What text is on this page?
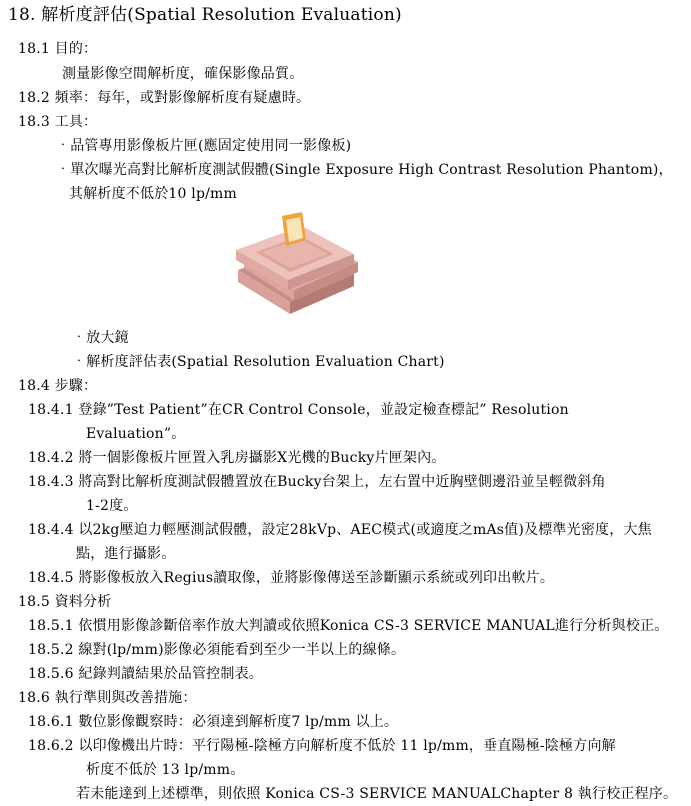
18. 解析度評估(Spatial Resolution Evaluation)
18.1 目的：
測量影像空間解析度，確保影像品質。
18.2 頻率：每年，或對影像解析度有疑慮時。
18.3 工具：
‧品管專用影像板片匣(應固定使用同一影像板)
‧單次曝光高對比解析度測試假體(Single Exposure High Contrast Resolution Phantom)，
其解析度不低於10 lp/mm
‧放大鏡
‧解析度評估表(Spatial Resolution Evaluation Chart)
18.4 步驟：
18.4.1 登錄”Test Patient”在CR Control Console，並設定檢查標記” Resolution
Evaluation”。
18.4.2 將一個影像板片匣置入乳房攝影X光機的Bucky片匣架內。
18.4.3 將高對比解析度測試假體置放在Bucky台架上，左右置中近胸壁側邊沿並呈輕微斜角
1-2度。
18.4.4 以2kg壓迫力輕壓測試假體，設定28kVp、AEC模式(或適度之mAs值)及標準光密度，大焦
點，進行攝影。
18.4.5 將影像板放入Regius讀取像，並將影像傳送至診斷顯示系統或列印出軟片。
18.5 資料分析
18.5.1 依慣用影像診斷倍率作放大判讀或依照Konica CS-3 SERVICE MANUAL進行分析與校正。
18.5.2 線對(lp/mm)影像必須能看到至少一半以上的線條。
18.5.6 紀錄判讀結果於品管控制表。
18.6 執行準則與改善措施：
18.6.1 數位影像觀察時：必須達到解析度7 lp/mm 以上。
18.6.2 以印像機出片時：平行陽極-陰極方向解析度不低於 11 lp/mm，垂直陽極-陰極方向解
析度不低於 13 lp/mm。
若未能達到上述標準，則依照 Konica CS-3 SERVICE MANUALChapter 8 執行校正程序。
